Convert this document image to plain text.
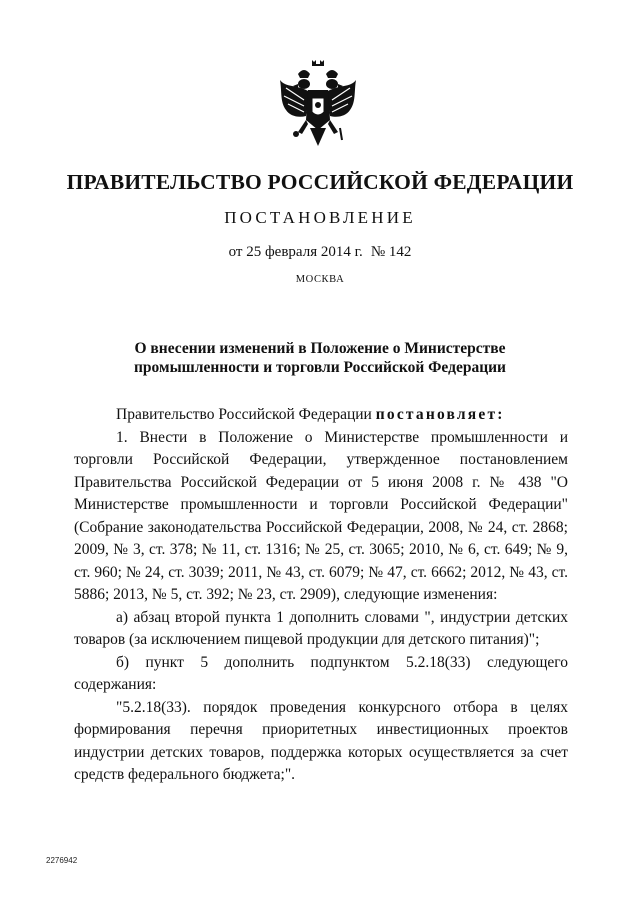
ПРАВИТЕЛЬСТВО РОССИЙСКОЙ ФЕДЕРАЦИИ
ПОСТАНОВЛЕНИЕ
от 25 февраля 2014 г. № 142
МОСКВА
О внесении изменений в Положение о Министерстве
промышленности и торговли Российской Федерации

Правительство Российской Федерации постановляет:

1. Внести в Положение о Министерстве промышленности и торговли Российской Федерации, утвержденное постановлением Правительства Российской Федерации от 5 июня 2008 г. № 438 "О Министерстве промышленности и торговли Российской Федерации" (Собрание законодательства Российской Федерации, 2008, № 24, ст. 2868; 2009, № 3, ст. 378; № 11, ст. 1316; № 25, ст. 3065; 2010, № 6, ст. 649; № 9, ст. 960; № 24, ст. 3039; 2011, № 43, ст. 6079; № 47, ст. 6662; 2012, № 43, ст. 5886; 2013, № 5, ст. 392; № 23, ст. 2909), следующие изменения:

а) абзац второй пункта 1 дополнить словами ", индустрии детских товаров (за исключением пищевой продукции для детского питания)";

б) пункт 5 дополнить подпунктом 5.2.18(33) следующего содержания:

"5.2.18(33). порядок проведения конкурсного отбора в целях формирования перечня приоритетных инвестиционных проектов индустрии детских товаров, поддержка которых осуществляется за счет средств федерального бюджета;".

2276942
